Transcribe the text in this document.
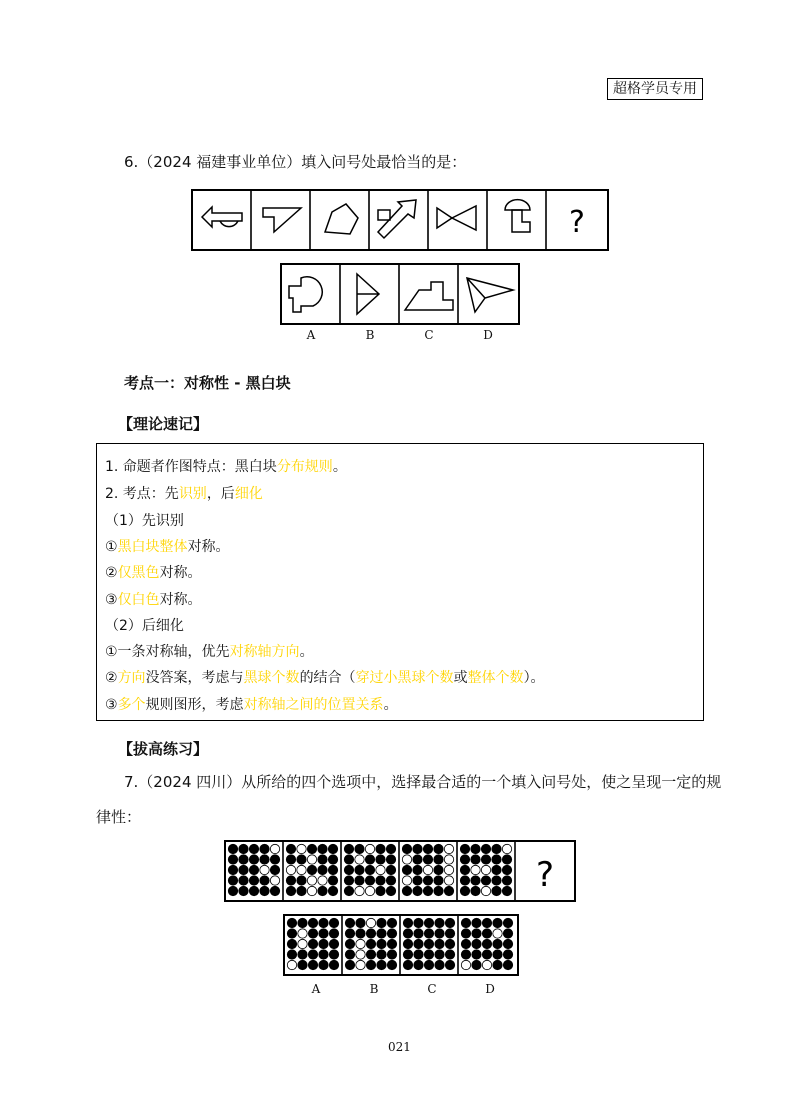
超格学员专用
6.（2024 福建事业单位）填入问号处最恰当的是：
?
A	B	C	D
考点一：对称性 - 黑白块
【理论速记】
1. 命题者作图特点：黑白块分布规则。
2. 考点：先识别，后细化
（1）先识别
①黑白块整体对称。
②仅黑色对称。
③仅白色对称。
（2）后细化
①一条对称轴，优先对称轴方向。
②方向没答案，考虑与黑球个数的结合（穿过小黑球个数或整体个数）。
③多个规则图形，考虑对称轴之间的位置关系。
【拔高练习】
7.（2024 四川）从所给的四个选项中，选择最合适的一个填入问号处，使之呈现一定的规
律性：
?
A	B	C	D
021
